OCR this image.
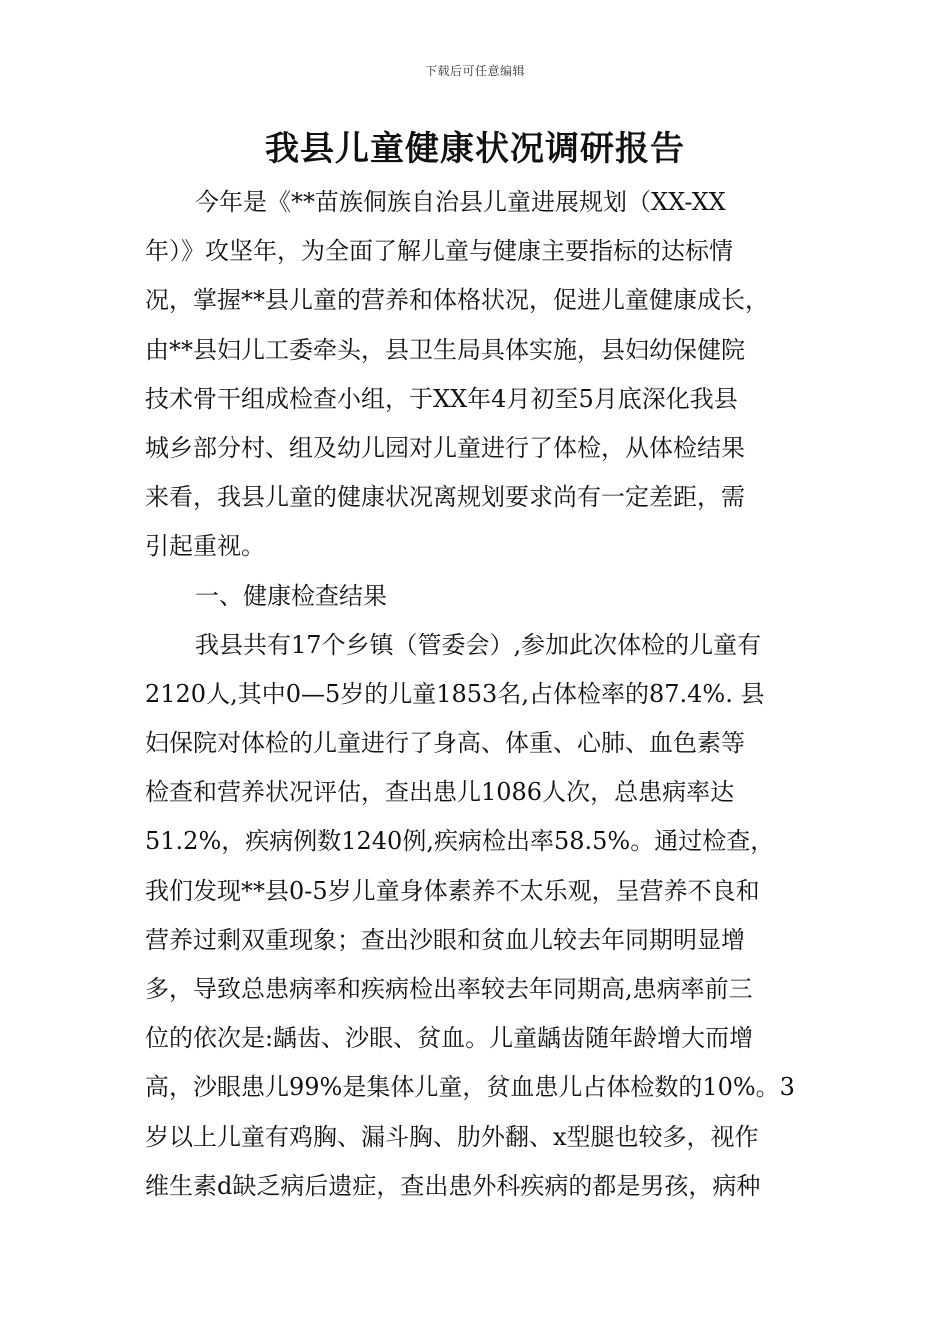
下载后可任意编辑
我县儿童健康状况调研报告
今年是《**苗族侗族自治县儿童进展规划（XX-XX
年）》攻坚年，为全面了解儿童与健康主要指标的达标情
况，掌握**县儿童的营养和体格状况，促进儿童健康成长，
由**县妇儿工委牵头，县卫生局具体实施，县妇幼保健院
技术骨干组成检查小组，于XX年4月初至5月底深化我县
城乡部分村、组及幼儿园对儿童进行了体检，从体检结果
来看，我县儿童的健康状况离规划要求尚有一定差距，需
引起重视。
一、健康检查结果
我县共有17个乡镇（管委会）,参加此次体检的儿童有
2120人,其中0—5岁的儿童1853名,占体检率的87.4%. 县
妇保院对体检的儿童进行了身高、体重、心肺、血色素等
检查和营养状况评估，查出患儿1086人次，总患病率达
51.2%，疾病例数1240例,疾病检出率58.5%。通过检查，
我们发现**县0-5岁儿童身体素养不太乐观，呈营养不良和
营养过剩双重现象；查出沙眼和贫血儿较去年同期明显增
多，导致总患病率和疾病检出率较去年同期高,患病率前三
位的依次是:龋齿、沙眼、贫血。儿童龋齿随年龄增大而增
高，沙眼患儿99%是集体儿童，贫血患儿占体检数的10%。3
岁以上儿童有鸡胸、漏斗胸、肋外翻、x型腿也较多，视作
维生素d缺乏病后遗症，查出患外科疾病的都是男孩，病种
